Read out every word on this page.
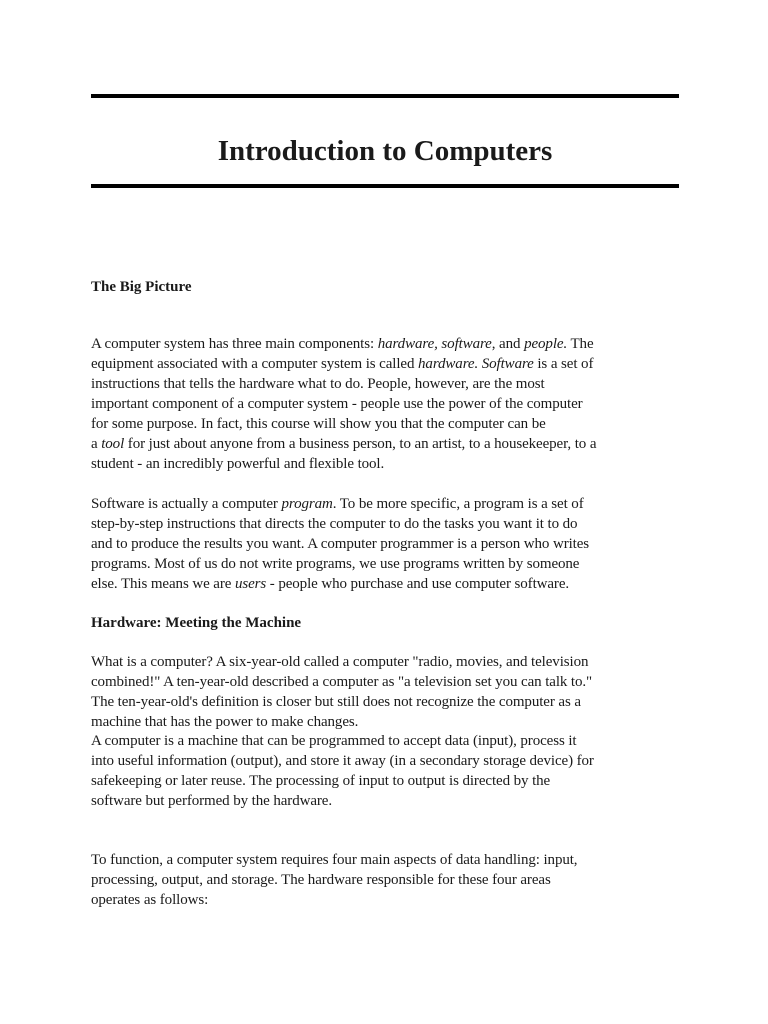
Introduction to Computers
The Big Picture

A computer system has three main components: hardware, software, and people. The
equipment associated with a computer system is called hardware. Software is a set of
instructions that tells the hardware what to do. People, however, are the most
important component of a computer system - people use the power of the computer
for some purpose. In fact, this course will show you that the computer can be
a tool for just about anyone from a business person, to an artist, to a housekeeper, to a
student - an incredibly powerful and flexible tool.

Software is actually a computer program. To be more specific, a program is a set of
step-by-step instructions that directs the computer to do the tasks you want it to do
and to produce the results you want. A computer programmer is a person who writes
programs. Most of us do not write programs, we use programs written by someone
else. This means we are users - people who purchase and use computer software.

Hardware: Meeting the Machine

What is a computer? A six-year-old called a computer "radio, movies, and television
combined!" A ten-year-old described a computer as "a television set you can talk to."
The ten-year-old's definition is closer but still does not recognize the computer as a
machine that has the power to make changes.

A computer is a machine that can be programmed to accept data (input), process it
into useful information (output), and store it away (in a secondary storage device) for
safekeeping or later reuse. The processing of input to output is directed by the
software but performed by the hardware.

To function, a computer system requires four main aspects of data handling: input,
processing, output, and storage. The hardware responsible for these four areas
operates as follows:
